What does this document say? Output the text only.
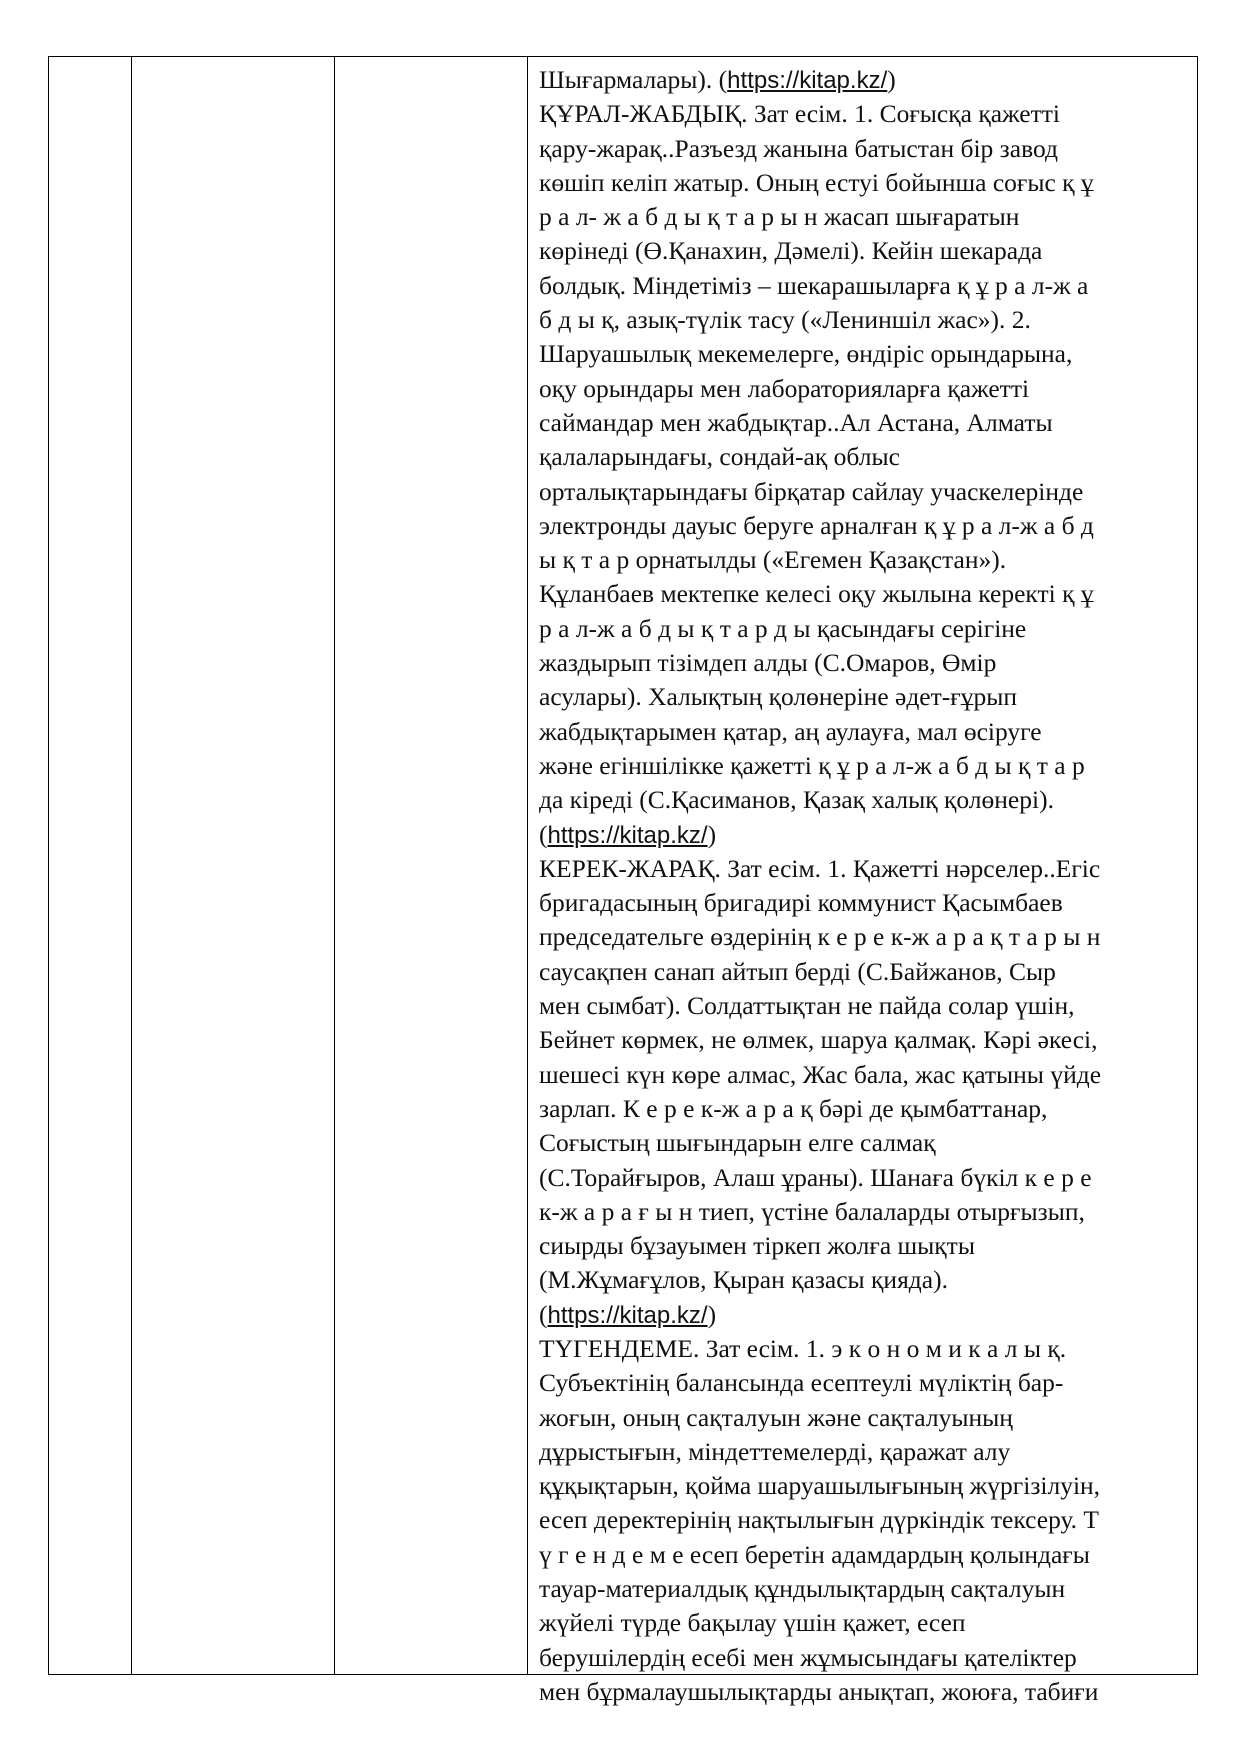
Шығармалары). (https://kitap.kz/)
ҚҰРАЛ-ЖАБДЫҚ. Зат есім. 1. Соғысқа қажетті
қару-жарақ..Разъезд жанына батыстан бір завод
көшіп келіп жатыр. Оның естуі бойынша соғыс қ ұ
р а л- ж а б д ы қ т а р ы н жасап шығаратын
көрінеді (Ө.Қанахин, Дәмелі). Кейін шекарада
болдық. Міндетіміз – шекарашыларға қ ұ р а л-ж а
б д ы қ, азық-түлік тасу («Лениншіл жас»). 2.
Шаруашылық мекемелерге, өндіріс орындарына,
оқу орындары мен лабораторияларға қажетті
саймандар мен жабдықтар..Ал Астана, Алматы
қалаларындағы, сондай-ақ облыс
орталықтарындағы бірқатар сайлау учаскелерінде
электронды дауыс беруге арналған қ ұ р а л-ж а б д
ы қ т а р орнатылды («Егемен Қазақстан»).
Құланбаев мектепке келесі оқу жылына керекті қ ұ
р а л-ж а б д ы қ т а р д ы қасындағы серігіне
жаздырып тізімдеп алды (С.Омаров, Өмір
асулары). Халықтың қолөнеріне әдет-ғұрып
жабдықтарымен қатар, аң аулауға, мал өсіруге
және егіншілікке қажетті қ ұ р а л-ж а б д ы қ т а р
да кіреді (С.Қасиманов, Қазақ халық қолөнері).
(https://kitap.kz/)
КЕРЕК-ЖАРАҚ. Зат есім. 1. Қажетті нәрселер..Егіс
бригадасының бригадирі коммунист Қасымбаев
председательге өздерінің к е р е к-ж а р а қ т а р ы н
саусақпен санап айтып берді (С.Байжанов, Сыр
мен сымбат). Солдаттықтан не пайда солар үшін,
Бейнет көрмек, не өлмек, шаруа қалмақ. Кәрі әкесі,
шешесі күн көре алмас, Жас бала, жас қатыны үйде
зарлап. К е р е к-ж а р а қ бәрі де қымбаттанар,
Соғыстың шығындарын елге салмақ
(С.Торайғыров, Алаш ұраны). Шанаға бүкіл к е р е
к-ж а р а ғ ы н тиеп, үстіне балаларды отырғызып,
сиырды бұзауымен тіркеп жолға шықты
(М.Жұмағұлов, Қыран қазасы қияда).
(https://kitap.kz/)
ТҮГЕНДЕМЕ. Зат есім. 1. э к о н о м и к а л ы қ.
Субъектінің балансында есептеулі мүліктің бар-
жоғын, оның сақталуын және сақталуының
дұрыстығын, міндеттемелерді, қаражат алу
құқықтарын, қойма шаруашылығының жүргізілуін,
есеп деректерінің нақтылығын дүркіндік тексеру. Т
ү г е н д е м е есеп беретін адамдардың қолындағы
тауар-материалдық құндылықтардың сақталуын
жүйелі түрде бақылау үшін қажет, есеп
берушілердің есебі мен жұмысындағы қателіктер
мен бұрмалаушылықтарды анықтап, жоюға, табиғи
